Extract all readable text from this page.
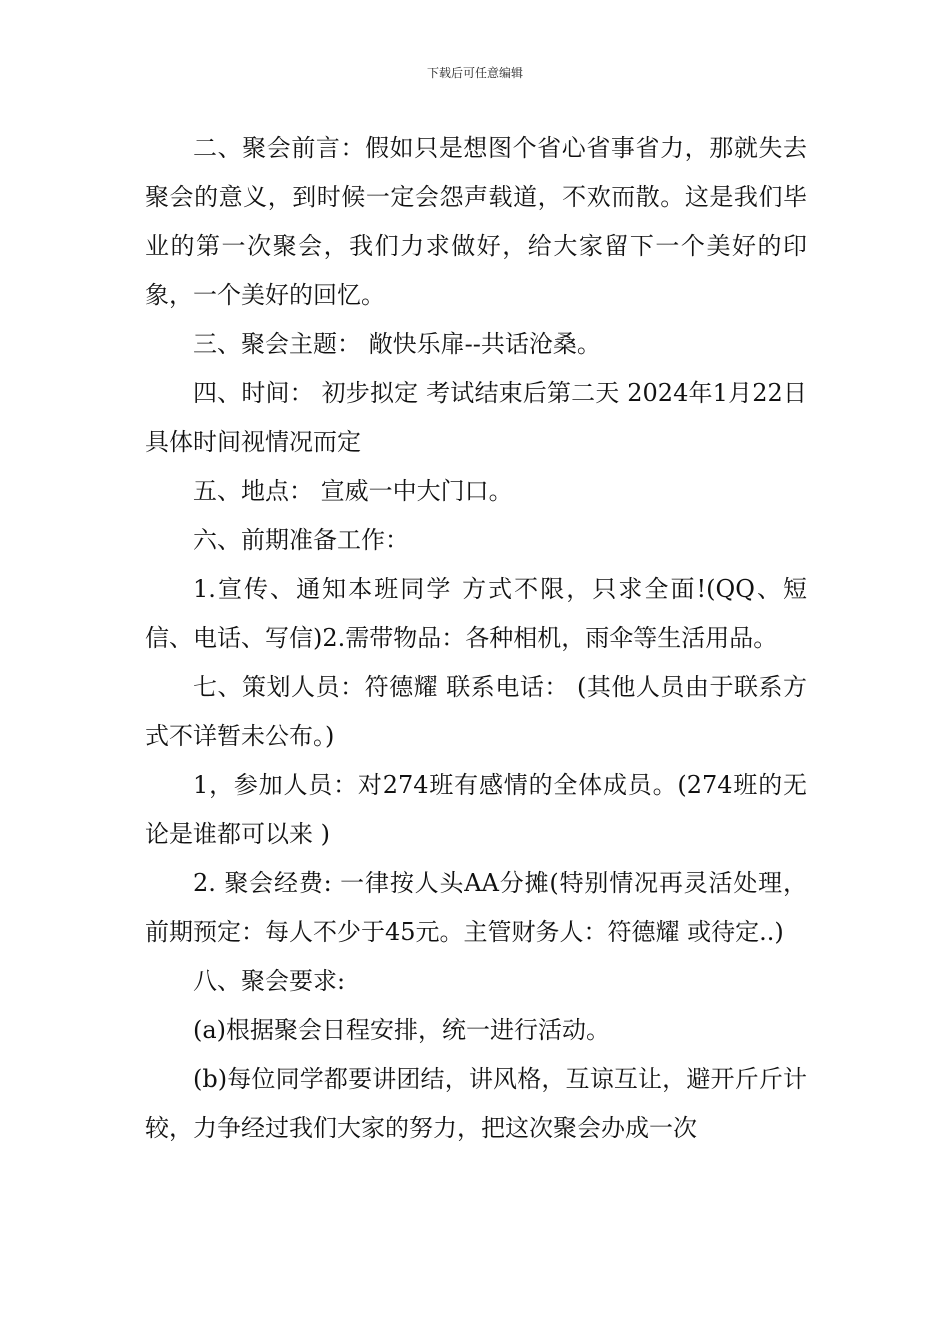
下载后可任意编辑

二、聚会前言：假如只是想图个省心省事省力，那就失去聚会的意义，到时候一定会怨声载道，不欢而散。这是我们毕业的第一次聚会，我们力求做好，给大家留下一个美好的印象，一个美好的回忆。

三、聚会主题： 敞快乐扉--共话沧桑。

四、时间： 初步拟定 考试结束后第二天 2024年1月22日 具体时间视情况而定

五、地点： 宣威一中大门口。

六、前期准备工作：

1.宣传、通知本班同学 方式不限，只求全面!(QQ、短信、电话、写信)2.需带物品：各种相机，雨伞等生活用品。

七、策划人员：符德耀 联系电话： (其他人员由于联系方式不详暂未公布。)

1，参加人员：对274班有感情的全体成员。(274班的无论是谁都可以来 )

2. 聚会经费: 一律按人头AA分摊(特别情况再灵活处理，前期预定：每人不少于45元。主管财务人：符德耀 或待定..)

八、聚会要求:

(a)根据聚会日程安排，统一进行活动。

(b)每位同学都要讲团结，讲风格，互谅互让，避开斤斤计较，力争经过我们大家的努力，把这次聚会办成一次
